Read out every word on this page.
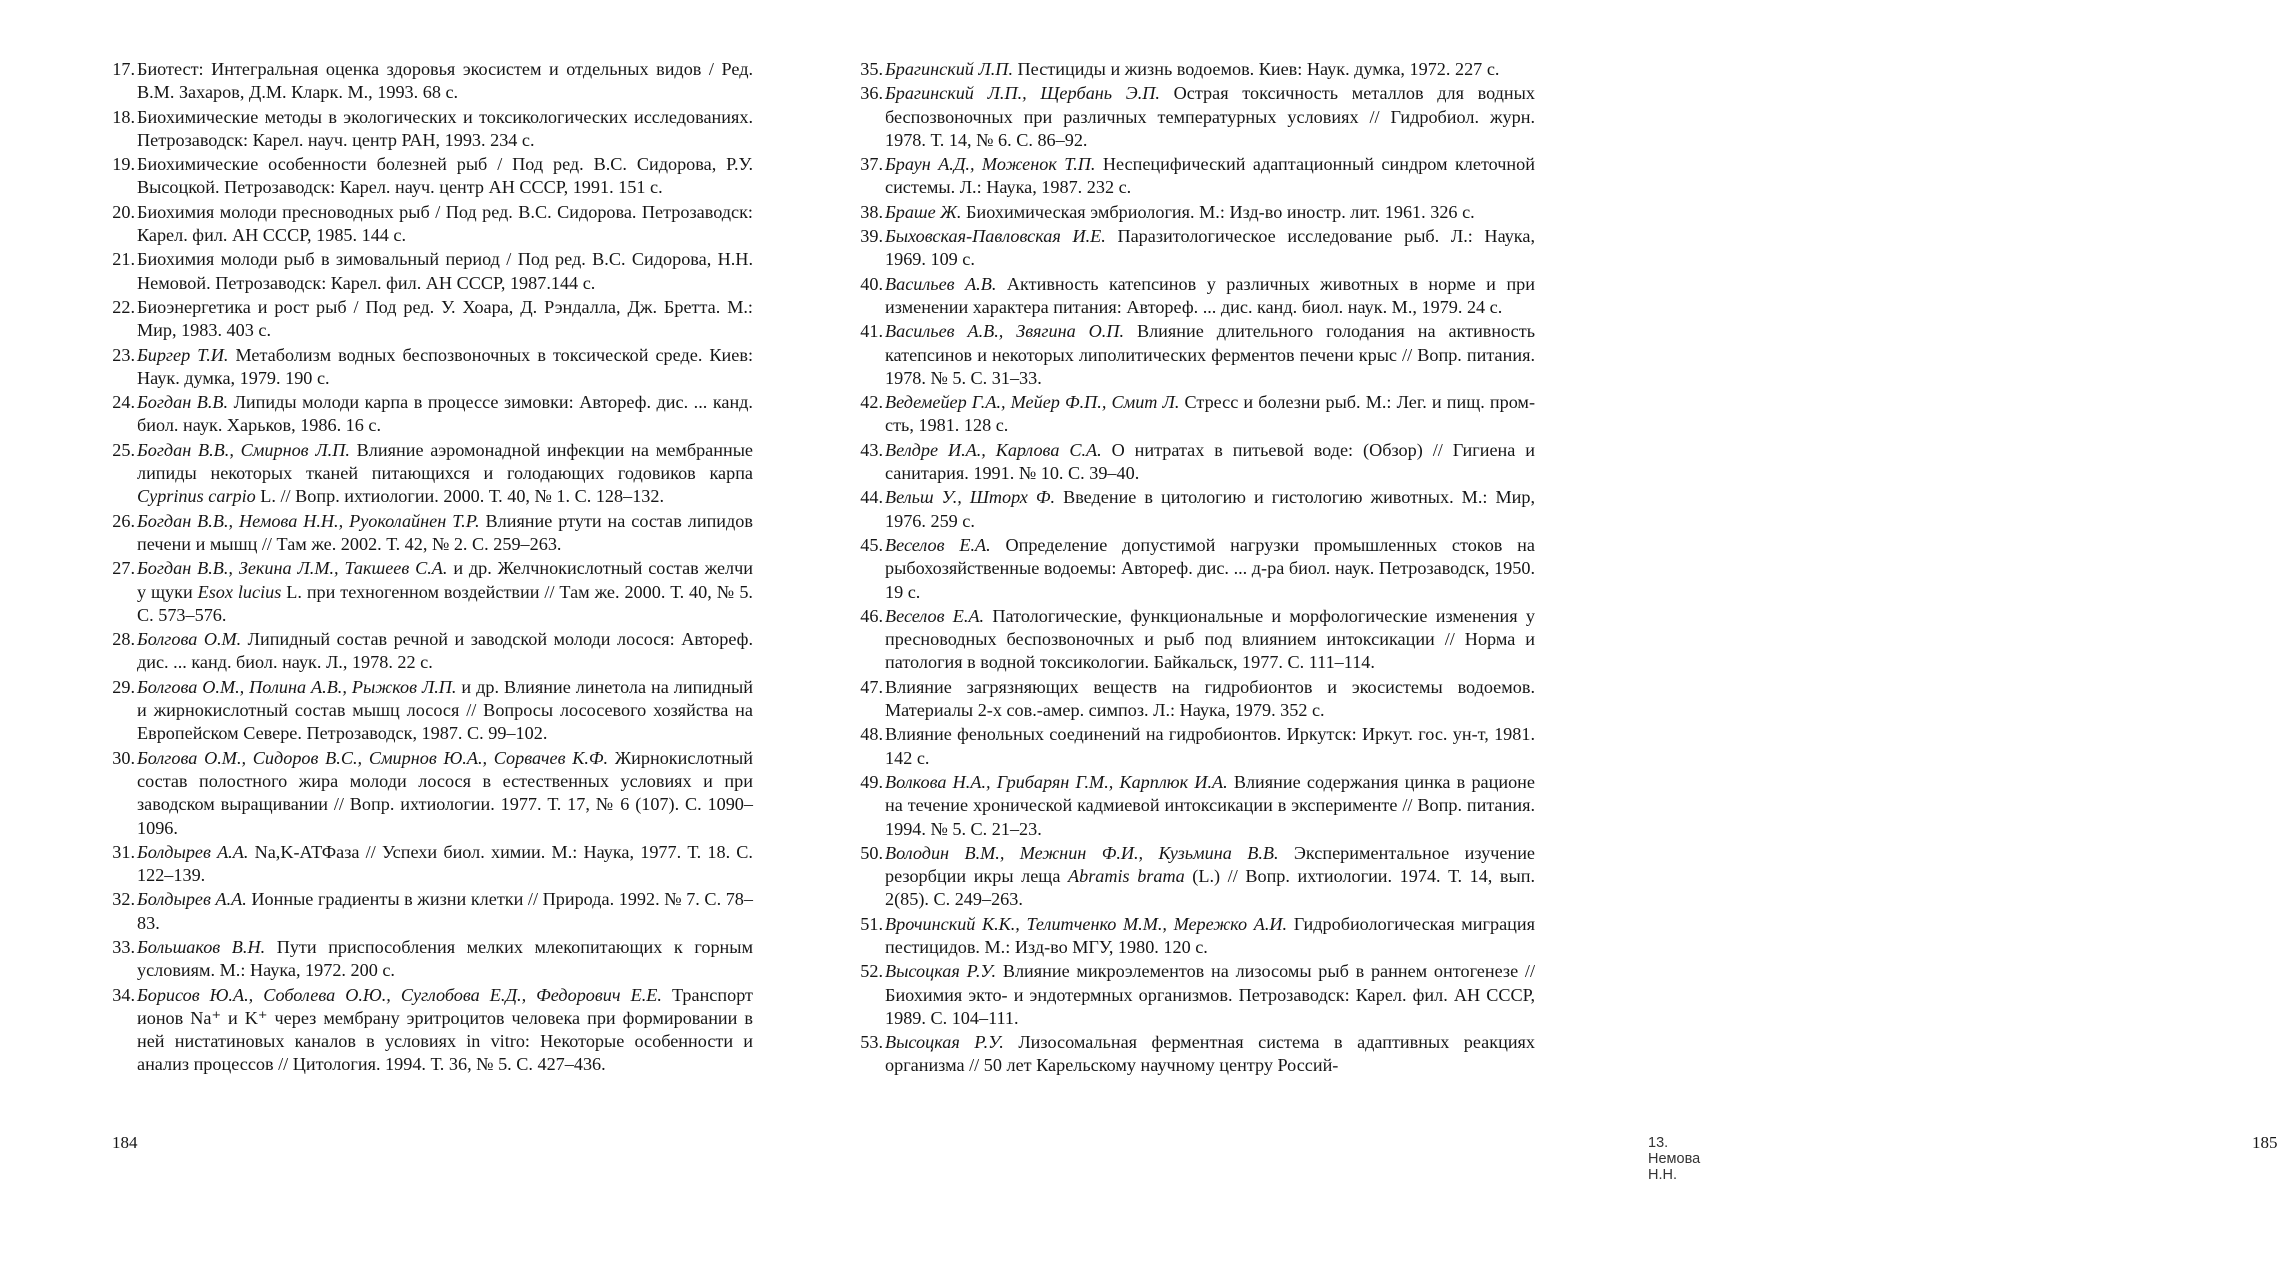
17. Биотест: Интегральная оценка здоровья экосистем и отдельных видов / Ред. В.М. Захаров, Д.М. Кларк. М., 1993. 68 с.
18. Биохимические методы в экологических и токсикологических исследованиях. Петрозаводск: Карел. науч. центр РАН, 1993. 234 с.
19. Биохимические особенности болезней рыб / Под ред. В.С. Сидорова, Р.У. Высоцкой. Петрозаводск: Карел. науч. центр АН СССР, 1991. 151 с.
20. Биохимия молоди пресноводных рыб / Под ред. В.С. Сидорова. Петрозаводск: Карел. фил. АН СССР, 1985. 144 с.
21. Биохимия молоди рыб в зимовальный период / Под ред. В.С. Сидорова, Н.Н. Немовой. Петрозаводск: Карел. фил. АН СССР, 1987.144 с.
22. Биоэнергетика и рост рыб / Под ред. У. Хоара, Д. Рэндалла, Дж. Бретта. М.: Мир, 1983. 403 с.
23. Биргер Т.И. Метаболизм водных беспозвоночных в токсической среде. Киев: Наук. думка, 1979. 190 с.
24. Богдан В.В. Липиды молоди карпа в процессе зимовки: Автореф. дис. ... канд. биол. наук. Харьков, 1986. 16 с.
25. Богдан В.В., Смирнов Л.П. Влияние аэромонадной инфекции на мембранные липиды некоторых тканей питающихся и голодающих годовиков карпа Cyprinus carpio L. // Вопр. ихтиологии. 2000. Т. 40, № 1. С. 128–132.
26. Богдан В.В., Немова Н.Н., Руоколайнен Т.Р. Влияние ртути на состав липидов печени и мышц // Там же. 2002. Т. 42, № 2. С. 259–263.
27. Богдан В.В., Зекина Л.М., Такшеев С.А. и др. Желчнокислотный состав желчи у щуки Esox lucius L. при техногенном воздействии // Там же. 2000. Т. 40, № 5. С. 573–576.
28. Болгова О.М. Липидный состав речной и заводской молоди лосося: Автореф. дис. ... канд. биол. наук. Л., 1978. 22 с.
29. Болгова О.М., Полина А.В., Рыжков Л.П. и др. Влияние линетола на липидный и жирнокислотный состав мышц лосося // Вопросы лососевого хозяйства на Европейском Севере. Петрозаводск, 1987. С. 99–102.
30. Болгова О.М., Сидоров В.С., Смирнов Ю.А., Сорвачев К.Ф. Жирнокислотный состав полостного жира молоди лосося в естественных условиях и при заводском выращивании // Вопр. ихтиологии. 1977. Т. 17, № 6 (107). С. 1090–1096.
31. Болдырев А.А. Na,K-АТФаза // Успехи биол. химии. М.: Наука, 1977. Т. 18. С. 122–139.
32. Болдырев А.А. Ионные градиенты в жизни клетки // Природа. 1992. № 7. С. 78–83.
33. Большаков В.Н. Пути приспособления мелких млекопитающих к горным условиям. М.: Наука, 1972. 200 с.
34. Борисов Ю.А., Соболева О.Ю., Суглобова Е.Д., Федорович Е.Е. Транспорт ионов Na⁺ и K⁺ через мембрану эритроцитов человека при формировании в ней нистатиновых каналов в условиях in vitro: Некоторые особенности и анализ процессов // Цитология. 1994. Т. 36, № 5. С. 427–436.
184
35. Брагинский Л.П. Пестициды и жизнь водоемов. Киев: Наук. думка, 1972. 227 с.
36. Брагинский Л.П., Щербань Э.П. Острая токсичность металлов для водных беспозвоночных при различных температурных условиях // Гидробиол. журн. 1978. Т. 14, № 6. С. 86–92.
37. Браун А.Д., Моженок Т.П. Неспецифический адаптационный синдром клеточной системы. Л.: Наука, 1987. 232 с.
38. Браше Ж. Биохимическая эмбриология. М.: Изд-во иностр. лит. 1961. 326 с.
39. Быховская-Павловская И.Е. Паразитологическое исследование рыб. Л.: Наука, 1969. 109 с.
40. Васильев А.В. Активность катепсинов у различных животных в норме и при изменении характера питания: Автореф. ... дис. канд. биол. наук. М., 1979. 24 с.
41. Васильев А.В., Звягина О.П. Влияние длительного голодания на активность катепсинов и некоторых липолитических ферментов печени крыс // Вопр. питания. 1978. № 5. С. 31–33.
42. Ведемейер Г.А., Мейер Ф.П., Смит Л. Стресс и болезни рыб. М.: Лег. и пищ. пром-сть, 1981. 128 с.
43. Велдре И.А., Карлова С.А. О нитратах в питьевой воде: (Обзор) // Гигиена и санитария. 1991. № 10. С. 39–40.
44. Вельш У., Шторх Ф. Введение в цитологию и гистологию животных. М.: Мир, 1976. 259 с.
45. Веселов Е.А. Определение допустимой нагрузки промышленных стоков на рыбохозяйственные водоемы: Автореф. дис. ... д-ра биол. наук. Петрозаводск, 1950. 19 с.
46. Веселов Е.А. Патологические, функциональные и морфологические изменения у пресноводных беспозвоночных и рыб под влиянием интоксикации // Норма и патология в водной токсикологии. Байкальск, 1977. С. 111–114.
47. Влияние загрязняющих веществ на гидробионтов и экосистемы водоемов. Материалы 2-х сов.-амер. симпоз. Л.: Наука, 1979. 352 с.
48. Влияние фенольных соединений на гидробионтов. Иркутск: Иркут. гос. ун-т, 1981. 142 с.
49. Волкова Н.А., Грибарян Г.М., Карплюк И.А. Влияние содержания цинка в рационе на течение хронической кадмиевой интоксикации в эксперименте // Вопр. питания. 1994. № 5. С. 21–23.
50. Володин В.М., Межнин Ф.И., Кузьмина В.В. Экспериментальное изучение резорбции икры леща Abramis brama (L.) // Вопр. ихтиологии. 1974. Т. 14, вып. 2(85). С. 249–263.
51. Врочинский К.К., Телитченко М.М., Мережко А.И. Гидробиологическая миграция пестицидов. М.: Изд-во МГУ, 1980. 120 с.
52. Высоцкая Р.У. Влияние микроэлементов на лизосомы рыб в раннем онтогенезе // Биохимия экто- и эндотермных организмов. Петрозаводск: Карел. фил. АН СССР, 1989. С. 104–111.
53. Высоцкая Р.У. Лизосомальная ферментная система в адаптивных реакциях организма // 50 лет Карельскому научному центру Россий-
13. Немова Н.Н.
185
